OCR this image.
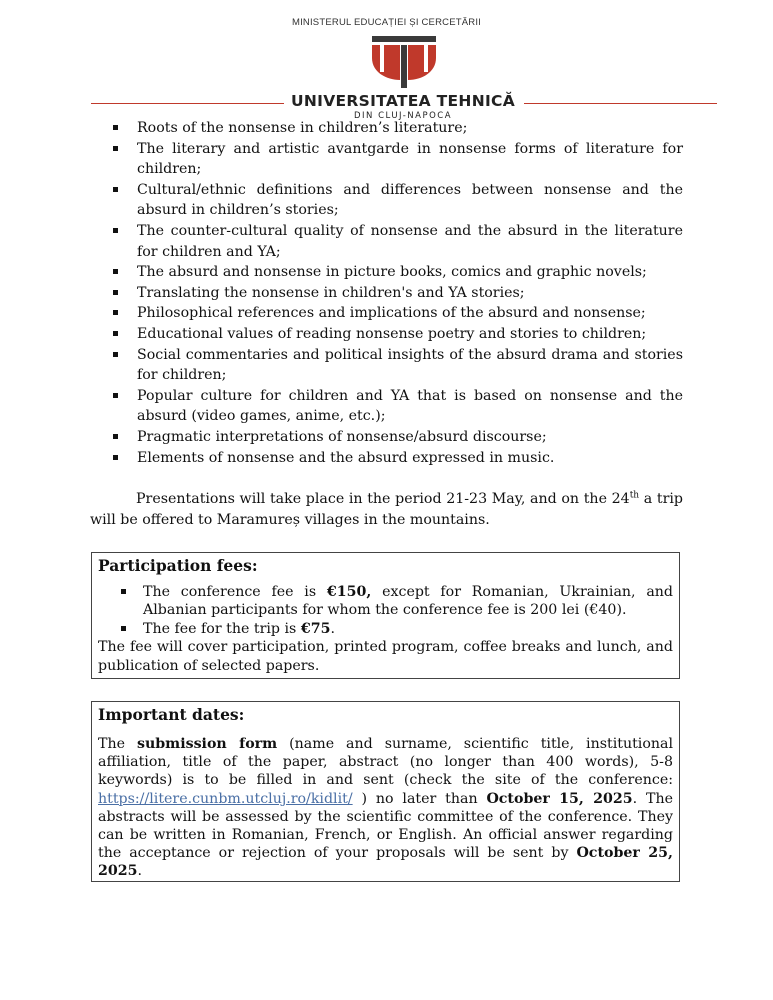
MINISTERUL EDUCAȚIEI ȘI CERCETĂRII
UNIVERSITATEA TEHNICĂ
DIN CLUJ-NAPOCA
Roots of the nonsense in children’s literature;
The literary and artistic avantgarde in nonsense forms of literature for children;
Cultural/ethnic definitions and differences between nonsense and the absurd in children’s stories;
The counter-cultural quality of nonsense and the absurd in the literature for children and YA;
The absurd and nonsense in picture books, comics and graphic novels;
Translating the nonsense in children's and YA stories;
Philosophical references and implications of the absurd and nonsense;
Educational values of reading nonsense poetry and stories to children;
Social commentaries and political insights of the absurd drama and stories for children;
Popular culture for children and YA that is based on nonsense and the absurd (video games, anime, etc.);
Pragmatic interpretations of nonsense/absurd discourse;
Elements of nonsense and the absurd expressed in music.

Presentations will take place in the period 21-23 May, and on the 24th a trip will be offered to Maramureș villages in the mountains.

Participation fees:
The conference fee is €150, except for Romanian, Ukrainian, and Albanian participants for whom the conference fee is 200 lei (€40).
The fee for the trip is €75.
The fee will cover participation, printed program, coffee breaks and lunch, and publication of selected papers.
Important dates:

The submission form (name and surname, scientific title, institutional affiliation, title of the paper, abstract (no longer than 400 words), 5-8 keywords) is to be filled in and sent (check the site of the conference: https://litere.cunbm.utcluj.ro/kidlit/ ) no later than October 15, 2025. The abstracts will be assessed by the scientific committee of the conference. They can be written in Romanian, French, or English. An official answer regarding the acceptance or rejection of your proposals will be sent by October 25, 2025.
